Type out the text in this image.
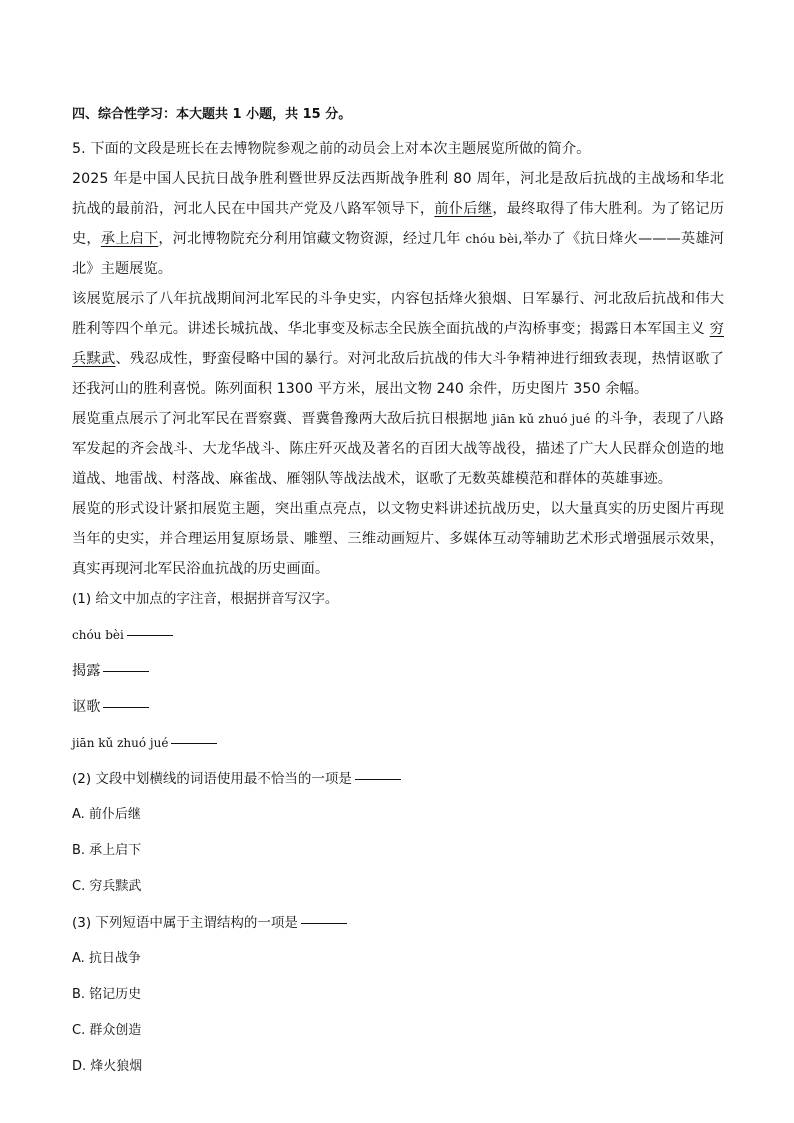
四、综合性学习：本大题共 1 小题，共 15 分。

5. 下面的文段是班长在去博物院参观之前的动员会上对本次主题展览所做的简介。

2025 年是中国人民抗日战争胜利暨世界反法西斯战争胜利 80 周年，河北是敌后抗战的主战场和华北抗战的最前沿，河北人民在中国共产党及八路军领导下，前仆后继，最终取得了伟大胜利。为了铭记历史，承上启下，河北博物院充分利用馆藏文物资源，经过几年 chóu bèi,举办了《抗日烽火———英雄河北》主题展览。

该展览展示了八年抗战期间河北军民的斗争史实，内容包括烽火狼烟、日军暴行、河北敌后抗战和伟大胜利等四个单元。讲述长城抗战、华北事变及标志全民族全面抗战的卢沟桥事变；揭露日本军国主义 穷兵黩武、残忍成性，野蛮侵略中国的暴行。对河北敌后抗战的伟大斗争精神进行细致表现，热情讴歌了还我河山的胜利喜悦。陈列面积 1300 平方米，展出文物 240 余件，历史图片 350 余幅。

展览重点展示了河北军民在晋察冀、晋冀鲁豫两大敌后抗日根据地 jiān kǔ zhuó jué 的斗争，表现了八路军发起的齐会战斗、大龙华战斗、陈庄歼灭战及著名的百团大战等战役，描述了广大人民群众创造的地道战、地雷战、村落战、麻雀战、雁翎队等战法战术，讴歌了无数英雄模范和群体的英雄事迹。

展览的形式设计紧扣展览主题，突出重点亮点，以文物史料讲述抗战历史，以大量真实的历史图片再现当年的史实，并合理运用复原场景、雕塑、三维动画短片、多媒体互动等辅助艺术形式增强展示效果，真实再现河北军民浴血抗战的历史画面。

(1) 给文中加点的字注音，根据拼音写汉字。

chóu bèi

揭露

讴歌

jiān kǔ zhuó jué

(2) 文段中划横线的词语使用最不恰当的一项是

A. 前仆后继

B. 承上启下

C. 穷兵黩武

(3) 下列短语中属于主谓结构的一项是

A. 抗日战争

B. 铭记历史

C. 群众创造

D. 烽火狼烟
